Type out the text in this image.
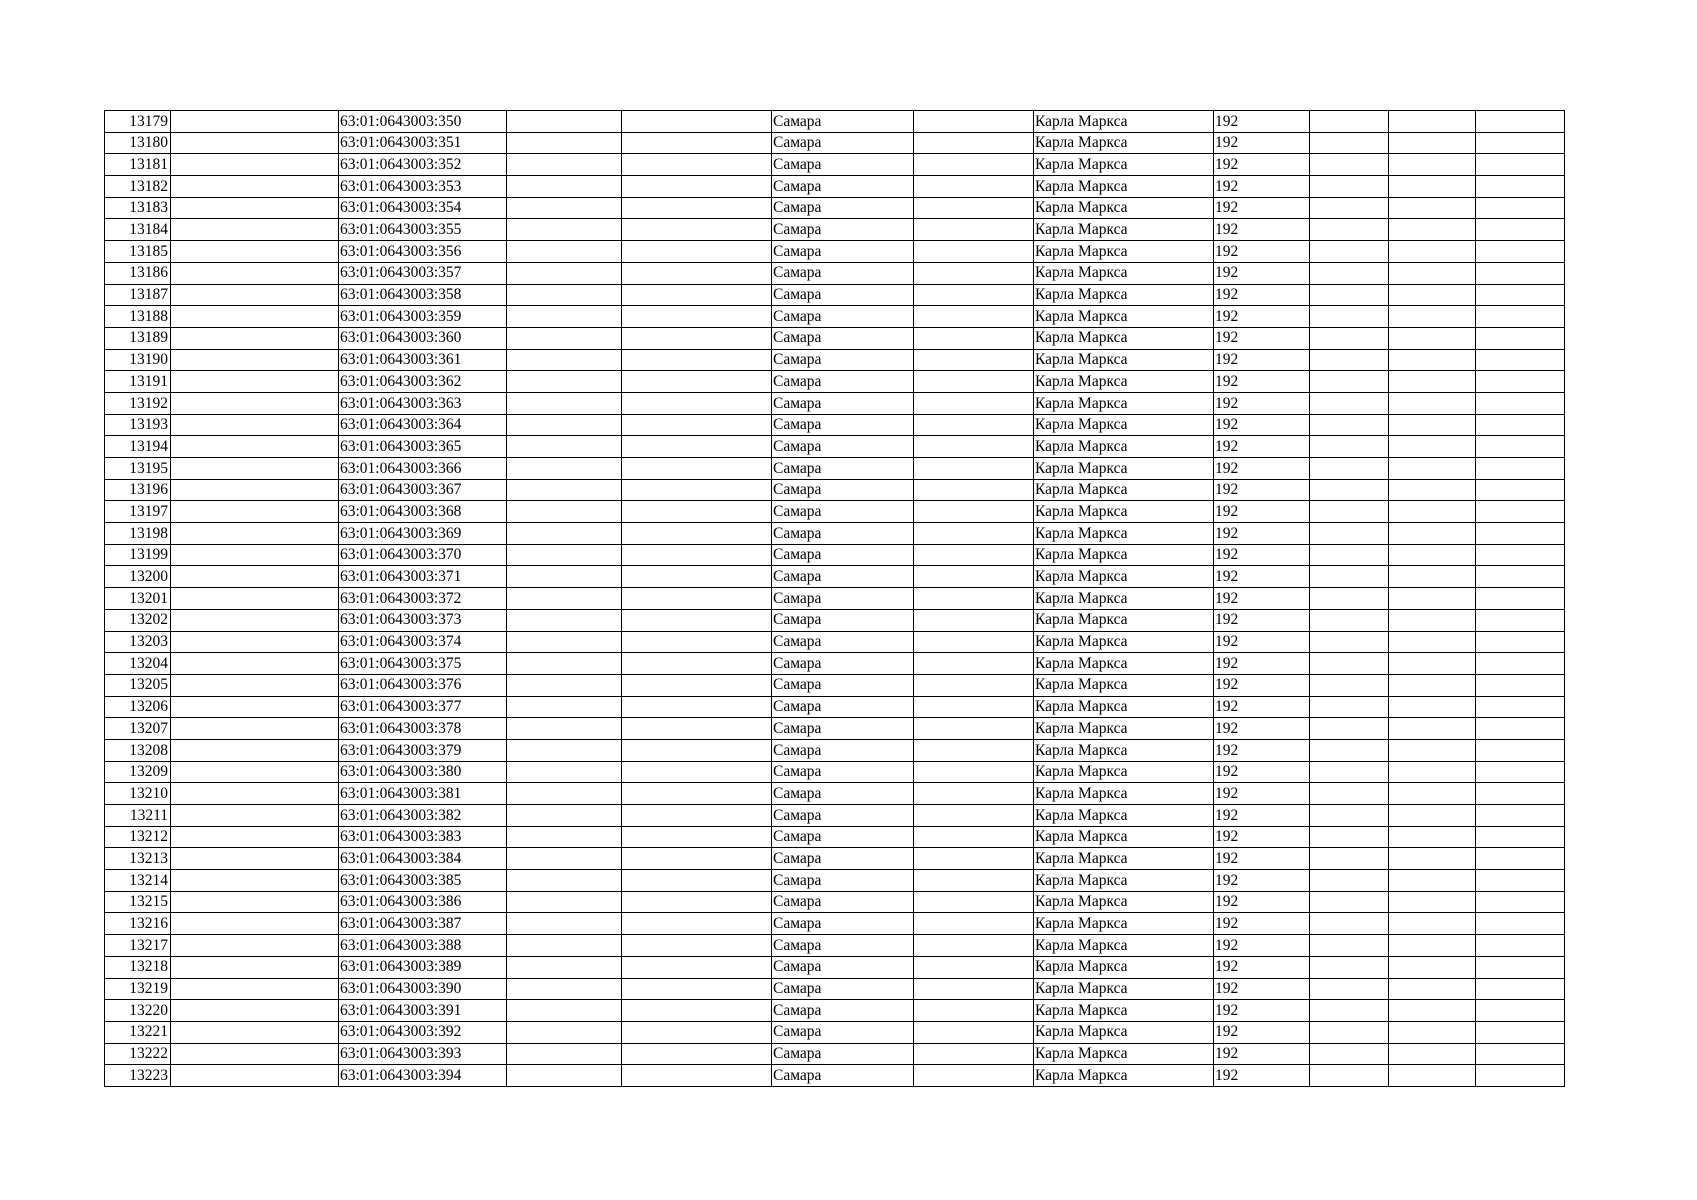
13179		63:01:0643003:350			Самара		Карла Маркса	192			
13180		63:01:0643003:351			Самара		Карла Маркса	192			
13181		63:01:0643003:352			Самара		Карла Маркса	192			
13182		63:01:0643003:353			Самара		Карла Маркса	192			
13183		63:01:0643003:354			Самара		Карла Маркса	192			
13184		63:01:0643003:355			Самара		Карла Маркса	192			
13185		63:01:0643003:356			Самара		Карла Маркса	192			
13186		63:01:0643003:357			Самара		Карла Маркса	192			
13187		63:01:0643003:358			Самара		Карла Маркса	192			
13188		63:01:0643003:359			Самара		Карла Маркса	192			
13189		63:01:0643003:360			Самара		Карла Маркса	192			
13190		63:01:0643003:361			Самара		Карла Маркса	192			
13191		63:01:0643003:362			Самара		Карла Маркса	192			
13192		63:01:0643003:363			Самара		Карла Маркса	192			
13193		63:01:0643003:364			Самара		Карла Маркса	192			
13194		63:01:0643003:365			Самара		Карла Маркса	192			
13195		63:01:0643003:366			Самара		Карла Маркса	192			
13196		63:01:0643003:367			Самара		Карла Маркса	192			
13197		63:01:0643003:368			Самара		Карла Маркса	192			
13198		63:01:0643003:369			Самара		Карла Маркса	192			
13199		63:01:0643003:370			Самара		Карла Маркса	192			
13200		63:01:0643003:371			Самара		Карла Маркса	192			
13201		63:01:0643003:372			Самара		Карла Маркса	192			
13202		63:01:0643003:373			Самара		Карла Маркса	192			
13203		63:01:0643003:374			Самара		Карла Маркса	192			
13204		63:01:0643003:375			Самара		Карла Маркса	192			
13205		63:01:0643003:376			Самара		Карла Маркса	192			
13206		63:01:0643003:377			Самара		Карла Маркса	192			
13207		63:01:0643003:378			Самара		Карла Маркса	192			
13208		63:01:0643003:379			Самара		Карла Маркса	192			
13209		63:01:0643003:380			Самара		Карла Маркса	192			
13210		63:01:0643003:381			Самара		Карла Маркса	192			
13211		63:01:0643003:382			Самара		Карла Маркса	192			
13212		63:01:0643003:383			Самара		Карла Маркса	192			
13213		63:01:0643003:384			Самара		Карла Маркса	192			
13214		63:01:0643003:385			Самара		Карла Маркса	192			
13215		63:01:0643003:386			Самара		Карла Маркса	192			
13216		63:01:0643003:387			Самара		Карла Маркса	192			
13217		63:01:0643003:388			Самара		Карла Маркса	192			
13218		63:01:0643003:389			Самара		Карла Маркса	192			
13219		63:01:0643003:390			Самара		Карла Маркса	192			
13220		63:01:0643003:391			Самара		Карла Маркса	192			
13221		63:01:0643003:392			Самара		Карла Маркса	192			
13222		63:01:0643003:393			Самара		Карла Маркса	192			
13223		63:01:0643003:394			Самара		Карла Маркса	192			
